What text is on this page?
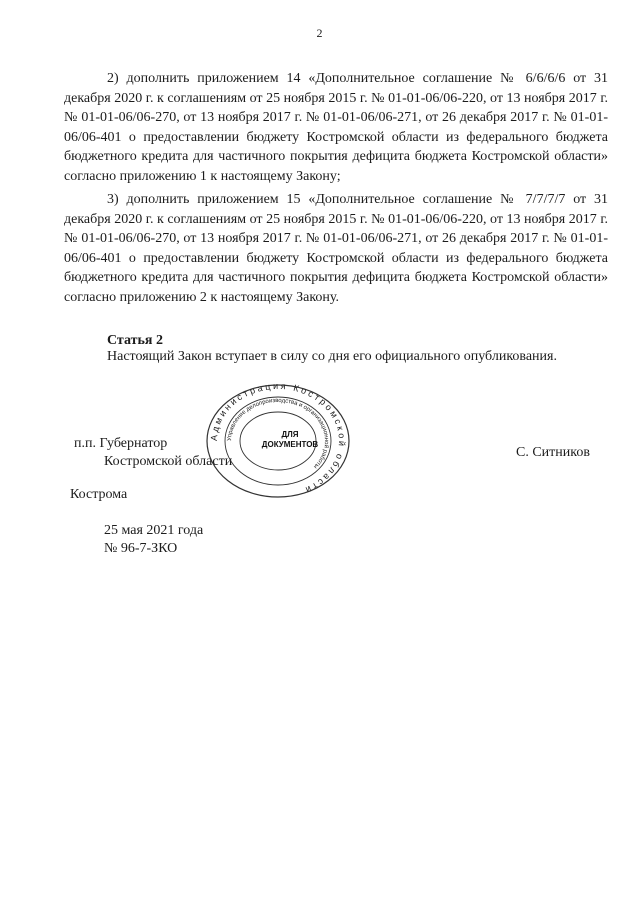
2

2) дополнить приложением 14 «Дополнительное соглашение № 6/6/6/6 от 31 декабря 2020 г. к соглашениям от 25 ноября 2015 г. № 01-01-06/06-220, от 13 ноября 2017 г. № 01-01-06/06-270, от 13 ноября 2017 г. № 01-01-06/06-271, от 26 декабря 2017 г. № 01-01-06/06-401 о предоставлении бюджету Костромской области из федерального бюджета бюджетного кредита для частичного покрытия дефицита бюджета Костромской области» согласно приложению 1 к настоящему Закону;

3) дополнить приложением 15 «Дополнительное соглашение № 7/7/7/7 от 31 декабря 2020 г. к соглашениям от 25 ноября 2015 г. № 01-01-06/06-220, от 13 ноября 2017 г. № 01-01-06/06-270, от 13 ноября 2017 г. № 01-01-06/06-271, от 26 декабря 2017 г. № 01-01-06/06-401 о предоставлении бюджету Костромской области из федерального бюджета бюджетного кредита для частичного покрытия дефицита бюджета Костромской области» согласно приложению 2 к настоящему Закону.

Статья 2
Настоящий Закон вступает в силу со дня его официального опубликования.
п.п. Губернатор
Костромской области
Администрация Костромской области
Управление делопроизводства и организационной работы
ДЛЯ
ДОКУМЕНТОВ
С. Ситников
Кострома
25 мая 2021 года
№ 96-7-ЗКО
